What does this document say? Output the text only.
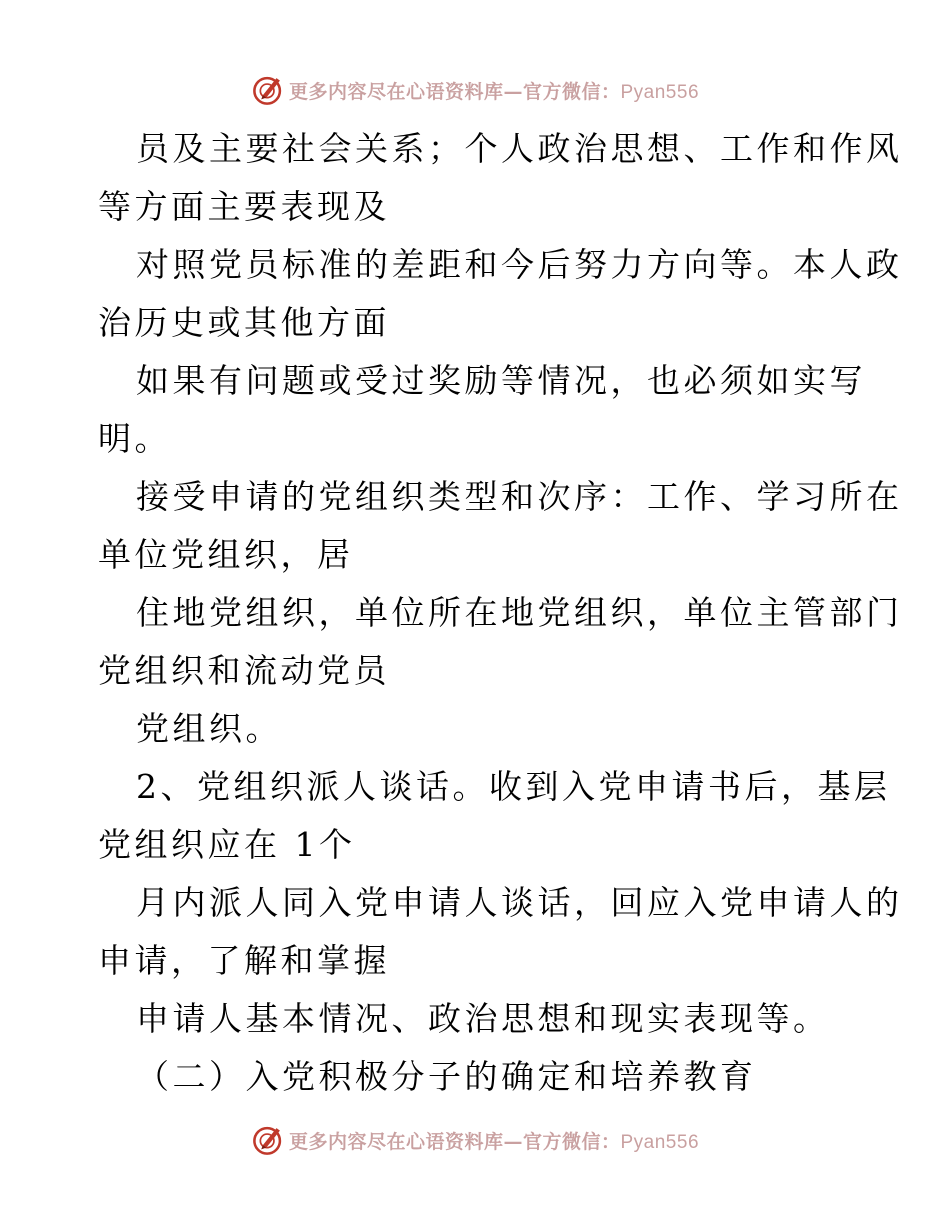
更多内容尽在心语资料库—官方微信：Pyan556
员及主要社会关系；个人政治思想、工作和作风
等方面主要表现及
对照党员标准的差距和今后努力方向等。本人政
治历史或其他方面
如果有问题或受过奖励等情况，也必须如实写
明。
接受申请的党组织类型和次序：工作、学习所在
单位党组织，居
住地党组织，单位所在地党组织，单位主管部门
党组织和流动党员
党组织。
2、党组织派人谈话。收到入党申请书后，基层
党组织应在 1个
月内派人同入党申请人谈话，回应入党申请人的
申请，了解和掌握
申请人基本情况、政治思想和现实表现等。
（二）入党积极分子的确定和培养教育
更多内容尽在心语资料库—官方微信：Pyan556
